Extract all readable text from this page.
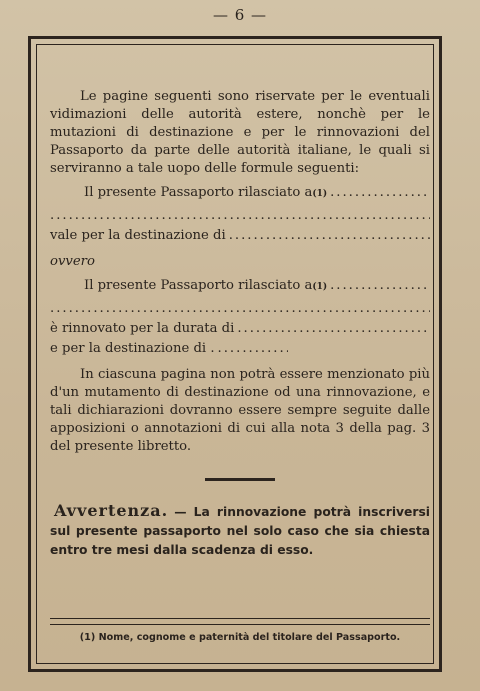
— 6 —

Le pagine seguenti sono riservate per le eventuali vidimazioni delle autorità estere, nonchè per le mutazioni di destinazione e per le rinnovazioni del Passaporto da parte delle autorità italiane, le quali si serviranno a tale uopo delle formule seguenti:

Il presente Passaporto rilasciato a (1)
.....
.....
vale per la destinazione di
.....
ovvero
Il presente Passaporto rilasciato a (1)
.....
.....
è rinnovato per la durata di
.....
e per la destinazione di .
.....

In ciascuna pagina non potrà essere menzionato più d'un mutamento di destinazione od una rinnovazione, e tali dichiarazioni dovranno essere sempre seguite dalle apposizioni o annotazioni di cui alla nota 3 della pag. 3 del presente libretto.

Avvertenza. — La rinnovazione potrà inscriversi sul presente passaporto nel solo caso che sia chiesta entro tre mesi dalla scadenza di esso.

(1) Nome, cognome e paternità del titolare del Passaporto.
